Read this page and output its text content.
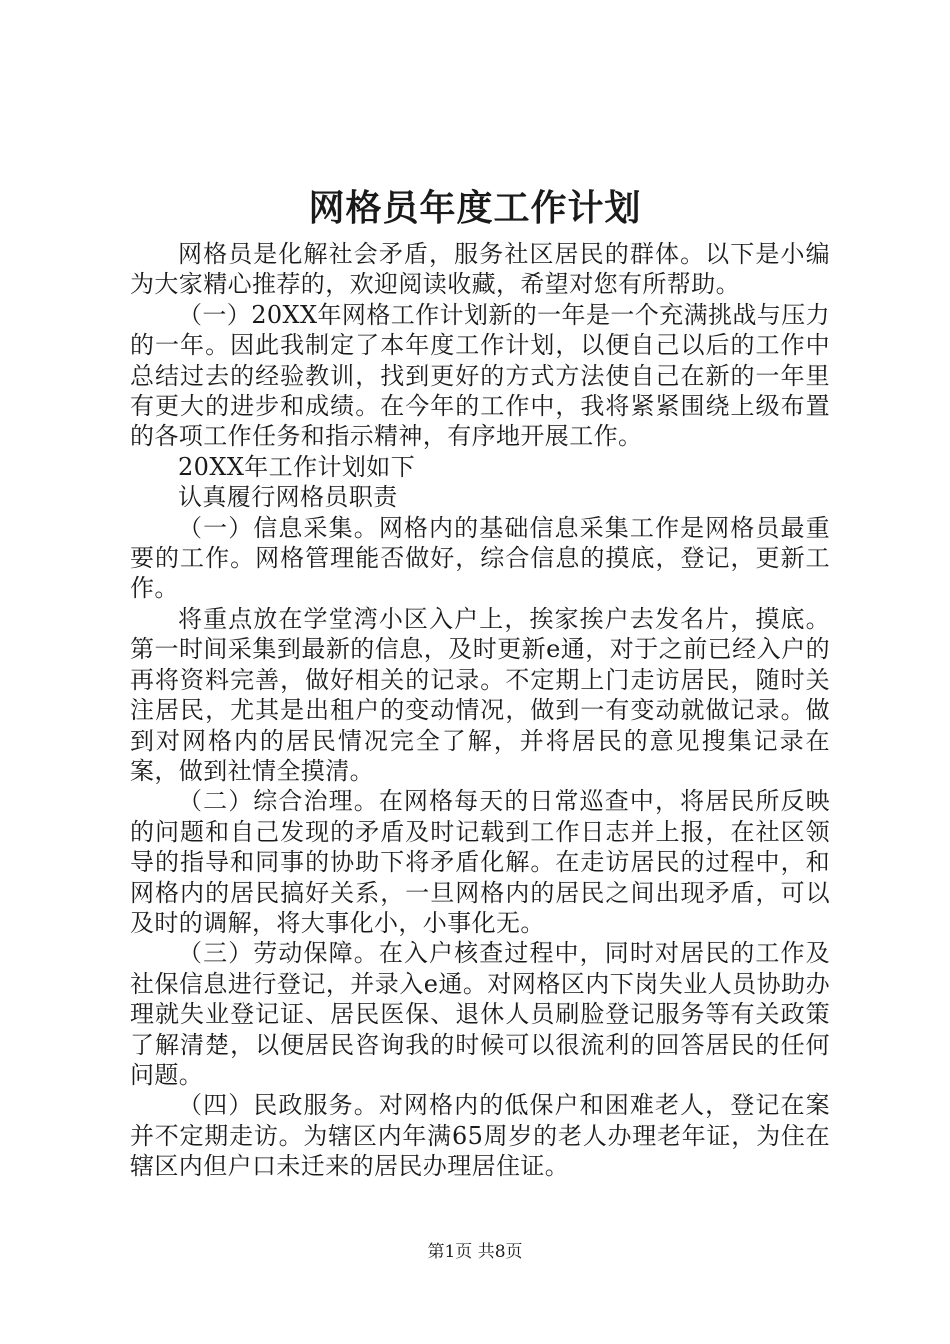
网格员年度工作计划

网格员是化解社会矛盾，服务社区居民的群体。以下是小编为大家精心推荐的，欢迎阅读收藏，希望对您有所帮助。

（一）20XX年网格工作计划新的一年是一个充满挑战与压力的一年。因此我制定了本年度工作计划，以便自己以后的工作中总结过去的经验教训，找到更好的方式方法使自己在新的一年里有更大的进步和成绩。在今年的工作中，我将紧紧围绕上级布置的各项工作任务和指示精神，有序地开展工作。

20XX年工作计划如下

认真履行网格员职责

（一）信息采集。网格内的基础信息采集工作是网格员最重要的工作。网格管理能否做好，综合信息的摸底，登记，更新工作。

将重点放在学堂湾小区入户上，挨家挨户去发名片，摸底。第一时间采集到最新的信息，及时更新e通，对于之前已经入户的再将资料完善，做好相关的记录。不定期上门走访居民，随时关注居民，尤其是出租户的变动情况，做到一有变动就做记录。做到对网格内的居民情况完全了解，并将居民的意见搜集记录在案，做到社情全摸清。

（二）综合治理。在网格每天的日常巡查中，将居民所反映的问题和自己发现的矛盾及时记载到工作日志并上报，在社区领导的指导和同事的协助下将矛盾化解。在走访居民的过程中，和网格内的居民搞好关系，一旦网格内的居民之间出现矛盾，可以及时的调解，将大事化小，小事化无。

（三）劳动保障。在入户核查过程中，同时对居民的工作及社保信息进行登记，并录入e通。对网格区内下岗失业人员协助办理就失业登记证、居民医保、退休人员刷脸登记服务等有关政策了解清楚，以便居民咨询我的时候可以很流利的回答居民的任何问题。

（四）民政服务。对网格内的低保户和困难老人，登记在案并不定期走访。为辖区内年满65周岁的老人办理老年证，为住在辖区内但户口未迁来的居民办理居住证。

第1页 共8页
